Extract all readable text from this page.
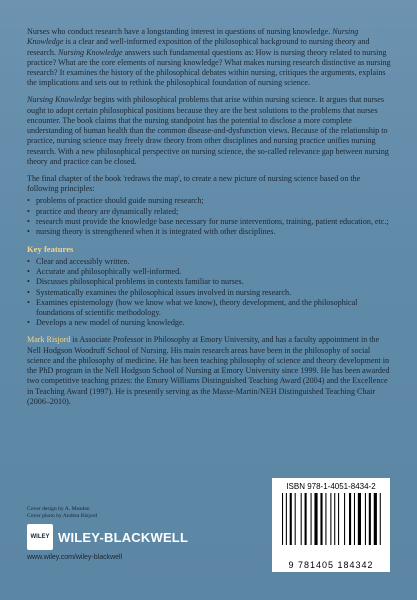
Nurses who conduct research have a longstanding interest in questions of nursing knowledge. Nursing Knowledge is a clear and well-informed exposition of the philosophical background to nursing theory and research. Nursing Knowledge answers such fundamental questions as: How is nursing theory related to nursing practice? What are the core elements of nursing knowledge? What makes nursing research distinctive as nursing research? It examines the history of the philosophical debates within nursing, critiques the arguments, explains the implications and sets out to rethink the philosophical foundation of nursing science.

Nursing Knowledge begins with philosophical problems that arise within nursing science. It argues that nurses ought to adopt certain philosophical positions because they are the best solutions to the problems that nurses encounter. The book claims that the nursing standpoint has the potential to disclose a more complete understanding of human health than the common disease-and-dysfunction views. Because of the relationship to practice, nursing science may freely draw theory from other disciplines and nursing practice unifies nursing research. With a new philosophical perspective on nursing science, the so-called relevance gap between nursing theory and practice can be closed.

The final chapter of the book 'redraws the map', to create a new picture of nursing science based on the following principles:

• problems of practice should guide nursing research;
• practice and theory are dynamically related;
• research must provide the knowledge base necessary for nurse interventions, training, patient education, etc.;
• nursing theory is strengthened when it is integrated with other disciplines.
Key features
• Clear and accessibly written.
• Accurate and philosophically well-informed.
• Discusses philosophical problems in contexts familiar to nurses.
• Systematically examines the philosophical issues involved in nursing research.
• Examines epistemology (how we know what we know), theory development, and the philosophical foundations of scientific methodology.
• Develops a new model of nursing knowledge.

Mark Risjord is Associate Professor in Philosophy at Emory University, and has a faculty appointment in the Nell Hodgson Woodruff School of Nursing. His main research areas have been in the philosophy of social science and the philosophy of medicine. He has been teaching philosophy of science and theory development in the PhD program in the Nell Hodgson School of Nursing at Emory University since 1999. He has been awarded two competitive teaching prizes: the Emory Williams Distinguished Teaching Award (2004) and the Excellence in Teaching Award (1997). He is presently serving as the Masse-Martin/NEH Distinguished Teaching Chair (2006–2010).

Cover design by A. Meaden
Cover photo by Andrea Risjord
WILEY WILEY-BLACKWELL
www.wiley.com/wiley-blackwell
ISBN 978-1-4051-8434-2
9 781405 184342
